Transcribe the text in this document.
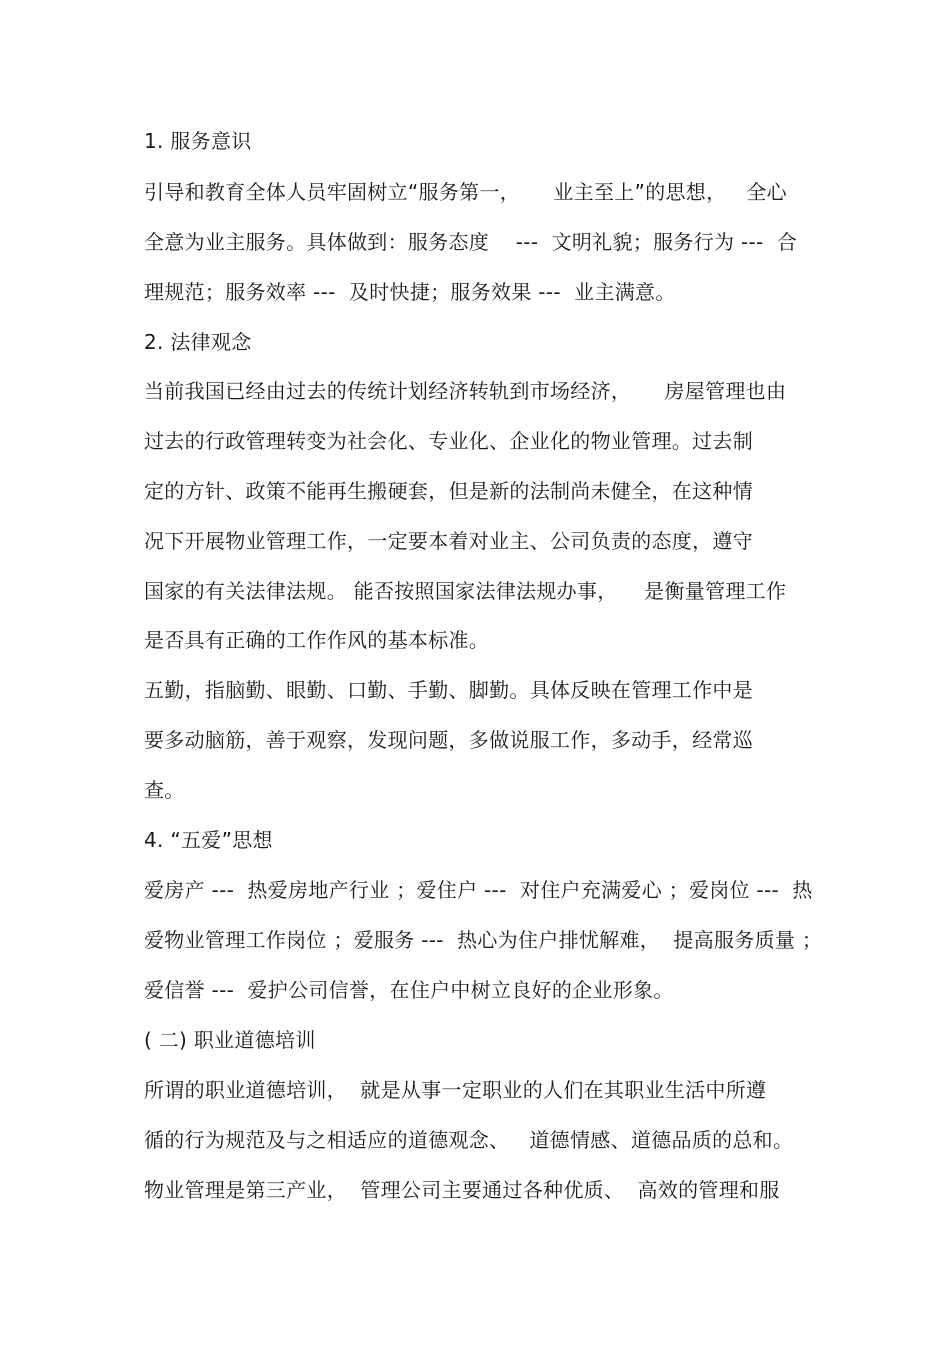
1. 服务意识
引导和教育全体人员牢固树立“服务第一，     业主至上”的思想，   全心
全意为业主服务。具体做到：服务态度    ---  文明礼貌；服务行为 ---  合
理规范；服务效率 ---  及时快捷；服务效果 ---  业主满意。
2. 法律观念
当前我国已经由过去的传统计划经济转轨到市场经济，     房屋管理也由
过去的行政管理转变为社会化、专业化、企业化的物业管理。过去制
定的方针、政策不能再生搬硬套，但是新的法制尚未健全，在这种情
况下开展物业管理工作，一定要本着对业主、公司负责的态度，遵守
国家的有关法律法规。 能否按照国家法律法规办事，    是衡量管理工作
是否具有正确的工作作风的基本标准。
五勤，指脑勤、眼勤、口勤、手勤、脚勤。具体反映在管理工作中是
要多动脑筋，善于观察，发现问题，多做说服工作，多动手，经常巡
查。
4. “五爱”思想
爱房产 ---  热爱房地产行业 ；爱住户 ---  对住户充满爱心 ；爱岗位 ---  热
爱物业管理工作岗位 ；爱服务 ---  热心为住户排忧解难，  提高服务质量 ；
爱信誉 ---  爱护公司信誉，在住户中树立良好的企业形象。
( 二) 职业道德培训
所谓的职业道德培训，  就是从事一定职业的人们在其职业生活中所遵
循的行为规范及与之相适应的道德观念、   道德情感、道德品质的总和。
物业管理是第三产业，  管理公司主要通过各种优质、  高效的管理和服
